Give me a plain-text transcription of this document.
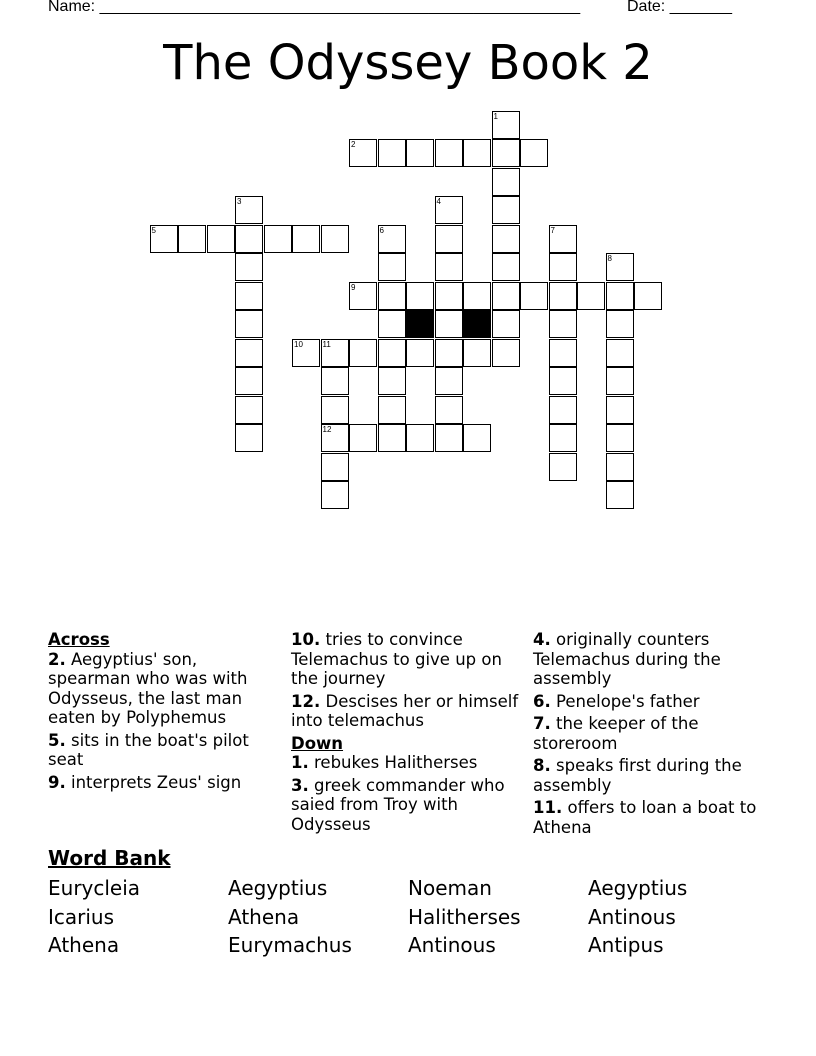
Name: ______________________________________________________	Date: _______
The Odyssey Book 2
1
2
3
5
4
6	7
8
9
10 11
12
Across
2. Aegyptius' son, spearman who was with Odysseus, the last man eaten by Polyphemus
5. sits in the boat's pilot seat
9. interprets Zeus' sign
10. tries to convince Telemachus to give up on the journey
12. Descises her or himself into telemachus
Down
1. rebukes Halitherses
3. greek commander who saied from Troy with Odysseus
4. originally counters Telemachus during the assembly
6. Penelope's father
7. the keeper of the storeroom
8. speaks first during the assembly
11. offers to loan a boat to Athena
Word Bank
Eurycleia	Aegyptius	Noeman	Aegyptius
Icarius	Athena	Halitherses	Antinous
Athena	Eurymachus	Antinous	Antipus
